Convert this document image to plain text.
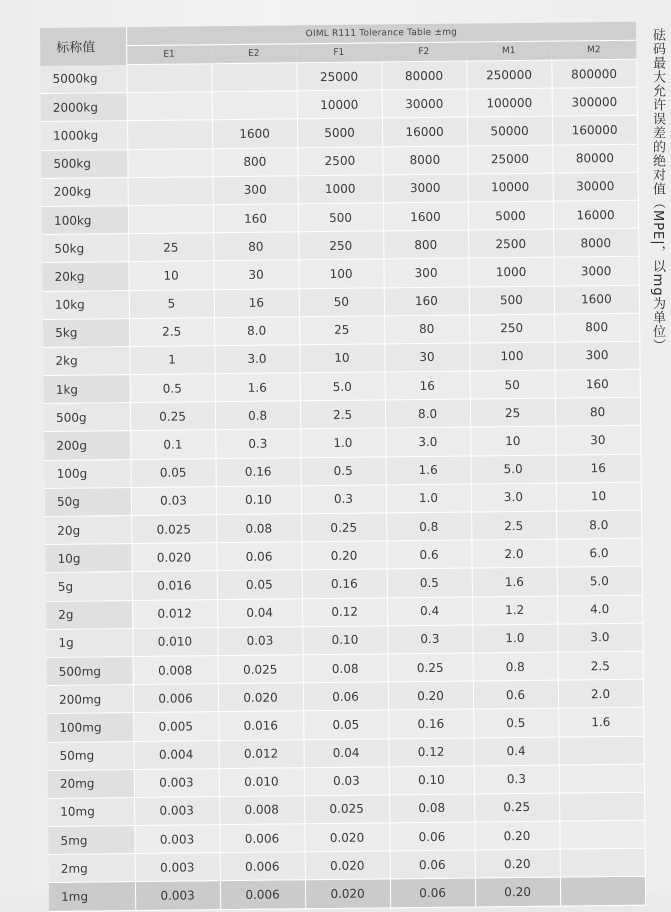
标称值	OIML R111 Tolerance Table ±mg					
	E1	E2	F1	F2	M1	M2
5000kg			25000	80000	250000	800000
2000kg			10000	30000	100000	300000
1000kg		1600	5000	16000	50000	160000
500kg		800	2500	8000	25000	80000
200kg		300	1000	3000	10000	30000
100kg		160	500	1600	5000	16000
50kg	25	80	250	800	2500	8000
20kg	10	30	100	300	1000	3000
10kg	5	16	50	160	500	1600
5kg	2.5	8.0	25	80	250	800
2kg	1	3.0	10	30	100	300
1kg	0.5	1.6	5.0	16	50	160
500g	0.25	0.8	2.5	8.0	25	80
200g	0.1	0.3	1.0	3.0	10	30
100g	0.05	0.16	0.5	1.6	5.0	16
50g	0.03	0.10	0.3	1.0	3.0	10
20g	0.025	0.08	0.25	0.8	2.5	8.0
10g	0.020	0.06	0.20	0.6	2.0	6.0
5g	0.016	0.05	0.16	0.5	1.6	5.0
2g	0.012	0.04	0.12	0.4	1.2	4.0
1g	0.010	0.03	0.10	0.3	1.0	3.0
500mg	0.008	0.025	0.08	0.25	0.8	2.5
200mg	0.006	0.020	0.06	0.20	0.6	2.0
100mg	0.005	0.016	0.05	0.16	0.5	1.6
50mg	0.004	0.012	0.04	0.12	0.4	
20mg	0.003	0.010	0.03	0.10	0.3	
10mg	0.003	0.008	0.025	0.08	0.25	
5mg	0.003	0.006	0.020	0.06	0.20	
2mg	0.003	0.006	0.020	0.06	0.20	
1mg	0.003	0.006	0.020	0.06	0.20	
砝码最大允许误差的绝对值（MPE|，以mg为单位）
